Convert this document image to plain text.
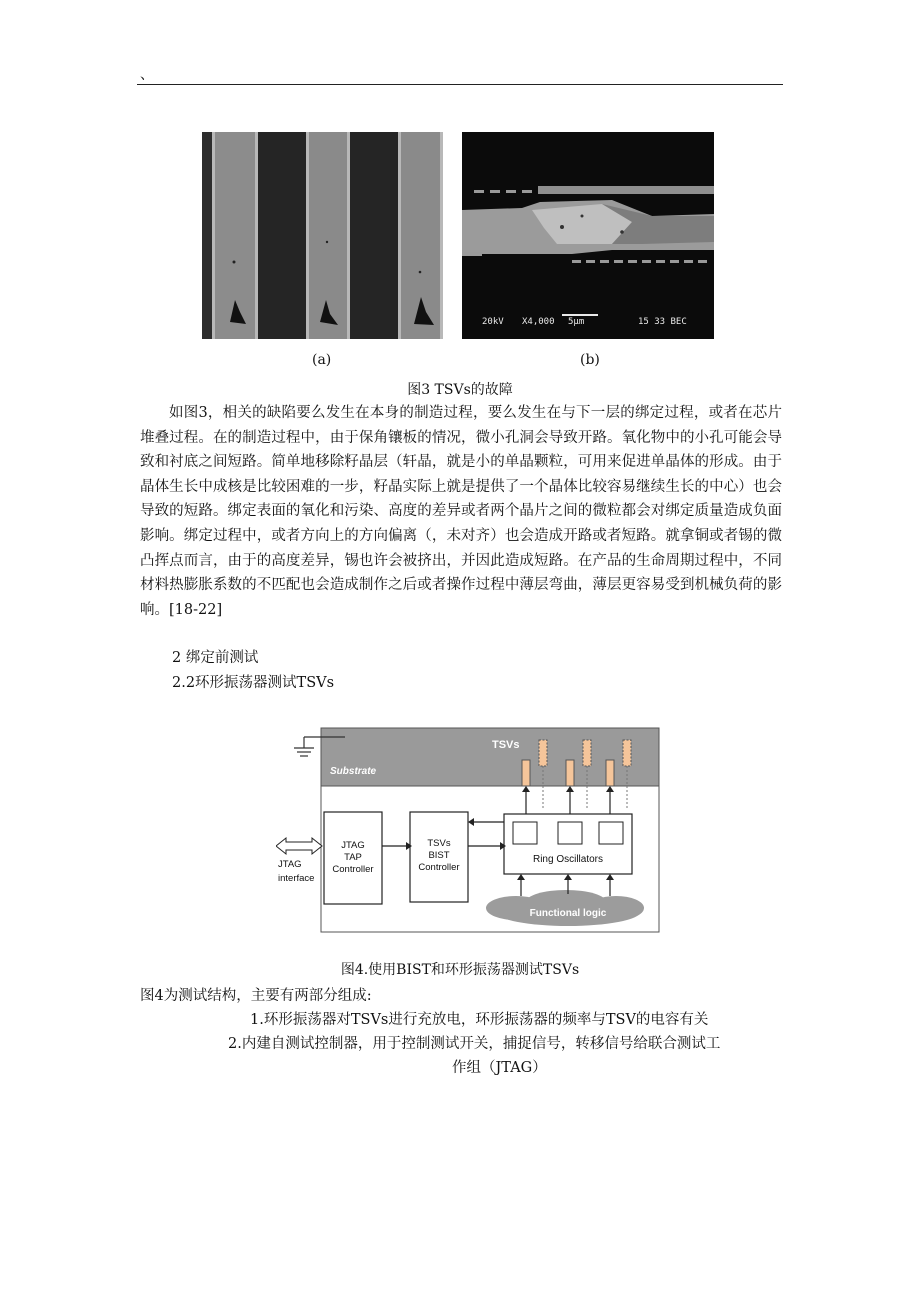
、
20kV X4,000 5μm	15 33 BEC
(a)	(b)
图3 TSVs的故障
如图3，相关的缺陷要么发生在本身的制造过程，要么发生在与下一层的绑定过程，或者在芯片堆叠过程。在的制造过程中，由于保角镶板的情况，微小孔洞会导致开路。氧化物中的小孔可能会导致和衬底之间短路。简单地移除籽晶层（轩晶，就是小的单晶颗粒，可用来促进单晶体的形成。由于晶体生长中成核是比较困难的一步，籽晶实际上就是提供了一个晶体比较容易继续生长的中心）也会导致的短路。绑定表面的氧化和污染、高度的差异或者两个晶片之间的微粒都会对绑定质量造成负面影响。绑定过程中，或者方向上的方向偏离（，未对齐）也会造成开路或者短路。就拿铜或者锡的微凸挥点而言，由于的高度差异，锡也许会被挤出，并因此造成短路。在产品的生命周期过程中，不同材料热膨胀系数的不匹配也会造成制作之后或者操作过程中薄层弯曲，薄层更容易受到机械负荷的影响。[18-22]
2 绑定前测试
2.2环形振荡器测试TSVs
Substrate
TSVs
JTAG TAP Controller
TSVs BIST Controller
Ring Oscillators
JTAG interface
Functional logic
图4.使用BIST和环形振荡器测试TSVs
图4为测试结构，主要有两部分组成:
1.环形振荡器对TSVs进行充放电，环形振荡器的频率与TSV的电容有关
2.内建自测试控制器，用于控制测试开关，捕捉信号，转移信号给联合测试工
作组（JTAG）
